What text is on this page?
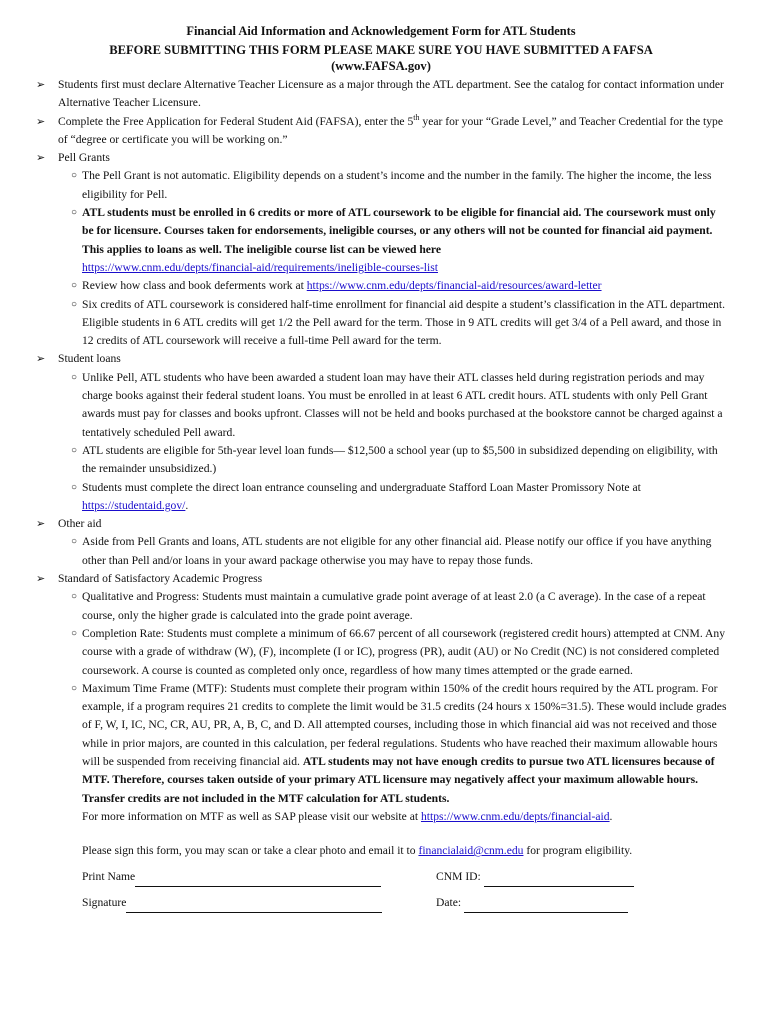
Financial Aid Information and Acknowledgement Form for ATL Students

BEFORE SUBMITTING THIS FORM PLEASE MAKE SURE YOU HAVE SUBMITTED A FAFSA
(www.FAFSA.gov)

➢	Students first must declare Alternative Teacher Licensure as a major through the ATL department. See the catalog for contact information under Alternative Teacher Licensure.
➢	Complete the Free Application for Federal Student Aid (FAFSA), enter the 5th year for your “Grade Level,” and Teacher Credential for the type of “degree or certificate you will be working on.”
➢	Pell Grants
○ The Pell Grant is not automatic. Eligibility depends on a student’s income and the number in the family. The higher the income, the less eligibility for Pell.
○ ATL students must be enrolled in 6 credits or more of ATL coursework to be eligible for financial aid. The coursework must only be for licensure. Courses taken for endorsements, ineligible courses, or any others will not be counted for financial aid payment. This applies to loans as well. The ineligible course list can be viewed here
https://www.cnm.edu/depts/financial-aid/requirements/ineligible-courses-list
○ Review how class and book deferments work at https://www.cnm.edu/depts/financial-aid/resources/award-letter
○ Six credits of ATL coursework is considered half-time enrollment for financial aid despite a student’s classification in the ATL department. Eligible students in 6 ATL credits will get 1/2 the Pell award for the term. Those in 9 ATL credits will get 3/4 of a Pell award, and those in 12 credits of ATL coursework will receive a full-time Pell award for the term.
➢	Student loans
○ Unlike Pell, ATL students who have been awarded a student loan may have their ATL classes held during registration periods and may charge books against their federal student loans. You must be enrolled in at least 6 ATL credit hours. ATL students with only Pell Grant awards must pay for classes and books upfront. Classes will not be held and books purchased at the bookstore cannot be charged against a tentatively scheduled Pell award.
○ ATL students are eligible for 5th-year level loan funds— $12,500 a school year (up to $5,500 in subsidized depending on eligibility, with the remainder unsubsidized.)
○ Students must complete the direct loan entrance counseling and undergraduate Stafford Loan Master Promissory Note at https://studentaid.gov/.
➢	Other aid
○ Aside from Pell Grants and loans, ATL students are not eligible for any other financial aid. Please notify our office if you have anything other than Pell and/or loans in your award package otherwise you may have to repay those funds.
➢	Standard of Satisfactory Academic Progress
○ Qualitative and Progress: Students must maintain a cumulative grade point average of at least 2.0 (a C average). In the case of a repeat course, only the higher grade is calculated into the grade point average.
○ Completion Rate: Students must complete a minimum of 66.67 percent of all coursework (registered credit hours) attempted at CNM. Any course with a grade of withdraw (W), (F), incomplete (I or IC), progress (PR), audit (AU) or No Credit (NC) is not considered completed coursework. A course is counted as completed only once, regardless of how many times attempted or the grade earned.
○ Maximum Time Frame (MTF): Students must complete their program within 150% of the credit hours required by the ATL program. For example, if a program requires 21 credits to complete the limit would be 31.5 credits (24 hours x 150%=31.5). These would include grades of F, W, I, IC, NC, CR, AU, PR, A, B, C, and D. All attempted courses, including those in which financial aid was not received and those while in prior majors, are counted in this calculation, per federal regulations. Students who have reached their maximum allowable hours will be suspended from receiving financial aid. ATL students may not have enough credits to pursue two ATL licensures because of MTF. Therefore, courses taken outside of your primary ATL licensure may negatively affect your maximum allowable hours. Transfer credits are not included in the MTF calculation for ATL students.
For more information on MTF as well as SAP please visit our website at https://www.cnm.edu/depts/financial-aid.
Please sign this form, you may scan or take a clear photo and email it to financialaid@cnm.edu for program eligibility.
Print Name	CNM ID:
Signature	Date:
